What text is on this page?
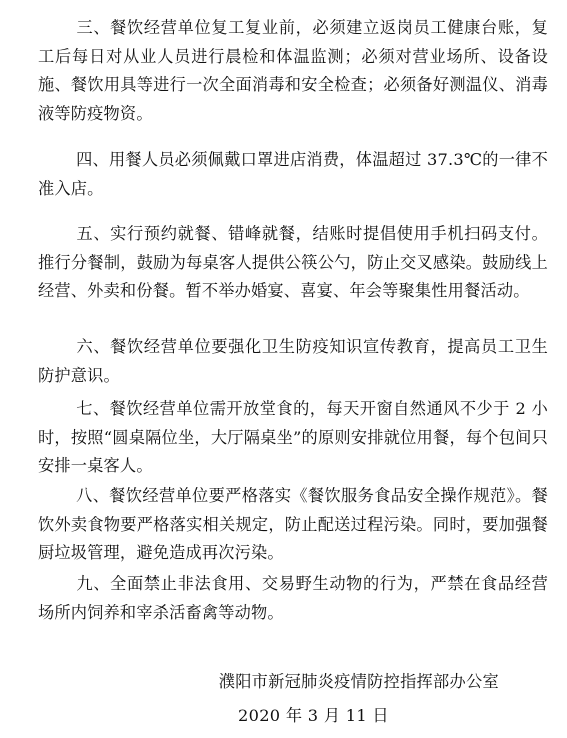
三、餐饮经营单位复工复业前，必须建立返岗员工健康台账，复工后每日对从业人员进行晨检和体温监测；必须对营业场所、设备设施、餐饮用具等进行一次全面消毒和安全检查；必须备好测温仪、消毒液等防疫物资。

四、用餐人员必须佩戴口罩进店消费，体温超过 37.3℃的一律不准入店。

五、实行预约就餐、错峰就餐，结账时提倡使用手机扫码支付。推行分餐制，鼓励为每桌客人提供公筷公勺，防止交叉感染。鼓励线上经营、外卖和份餐。暂不举办婚宴、喜宴、年会等聚集性用餐活动。

六、餐饮经营单位要强化卫生防疫知识宣传教育，提高员工卫生防护意识。

七、餐饮经营单位需开放堂食的，每天开窗自然通风不少于 2 小时，按照“圆桌隔位坐，大厅隔桌坐”的原则安排就位用餐，每个包间只安排一桌客人。

八、餐饮经营单位要严格落实《餐饮服务食品安全操作规范》。餐饮外卖食物要严格落实相关规定，防止配送过程污染。同时，要加强餐厨垃圾管理，避免造成再次污染。

九、全面禁止非法食用、交易野生动物的行为，严禁在食品经营场所内饲养和宰杀活畜禽等动物。

濮阳市新冠肺炎疫情防控指挥部办公室
2020 年 3 月 11 日
